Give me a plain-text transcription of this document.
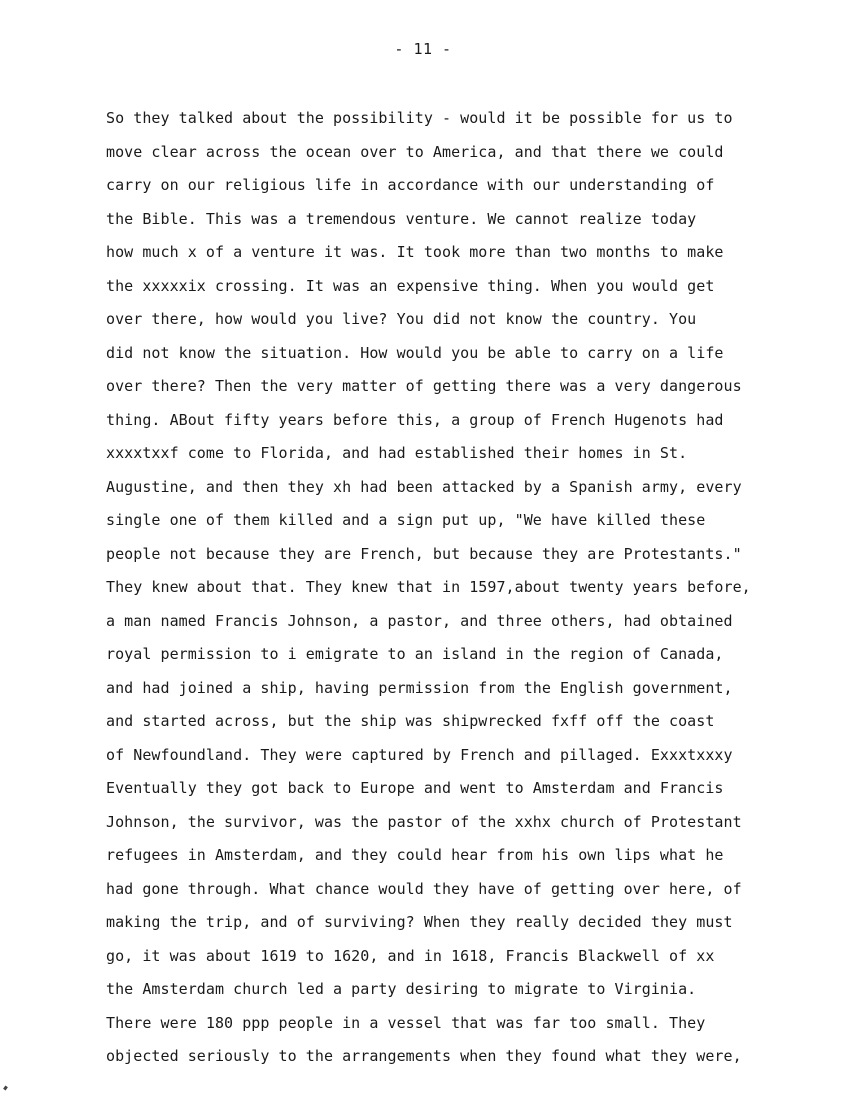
- 11 -
So they talked about the possibility - would it be possible for us to
move clear across the ocean over to America, and that there we could
carry on our religious life in accordance with our understanding of
the Bible. This was a tremendous venture. We cannot realize today
how much x of a venture it was. It took more than two months to make
the xxxxxix crossing. It was an expensive thing. When you would get
over there, how would you live? You did not know the country. You
did not know the situation. How would you be able to carry on a life
over there? Then the very matter of getting there was a very dangerous
thing. ABout fifty years before this, a group of French Hugenots had
xxxxtxxf come to Florida, and had established their homes in St.
Augustine, and then they xh had been attacked by a Spanish army, every
single one of them killed and a sign put up, "We have killed these
people not because they are French, but because they are Protestants."
They knew about that. They knew that in 1597,about twenty years before,
a man named Francis Johnson, a pastor, and three others, had obtained
royal permission to i emigrate to an island in the region of Canada,
and had joined a ship, having permission from the English government,
and started across, but the ship was shipwrecked fxff off the coast
of Newfoundland. They were captured by French and pillaged. Exxxtxxxy
Eventually they got back to Europe and went to Amsterdam and Francis
Johnson, the survivor, was the pastor of the xxhx church of Protestant
refugees in Amsterdam, and they could hear from his own lips what he
had gone through. What chance would they have of getting over here, of
making the trip, and of surviving? When they really decided they must
go, it was about 1619 to 1620, and in 1618, Francis Blackwell of xx
the Amsterdam church led a party desiring to migrate to Virginia.
There were 180 ppp people in a vessel that was far too small. They
objected seriously to the arrangements when they found what they were,
